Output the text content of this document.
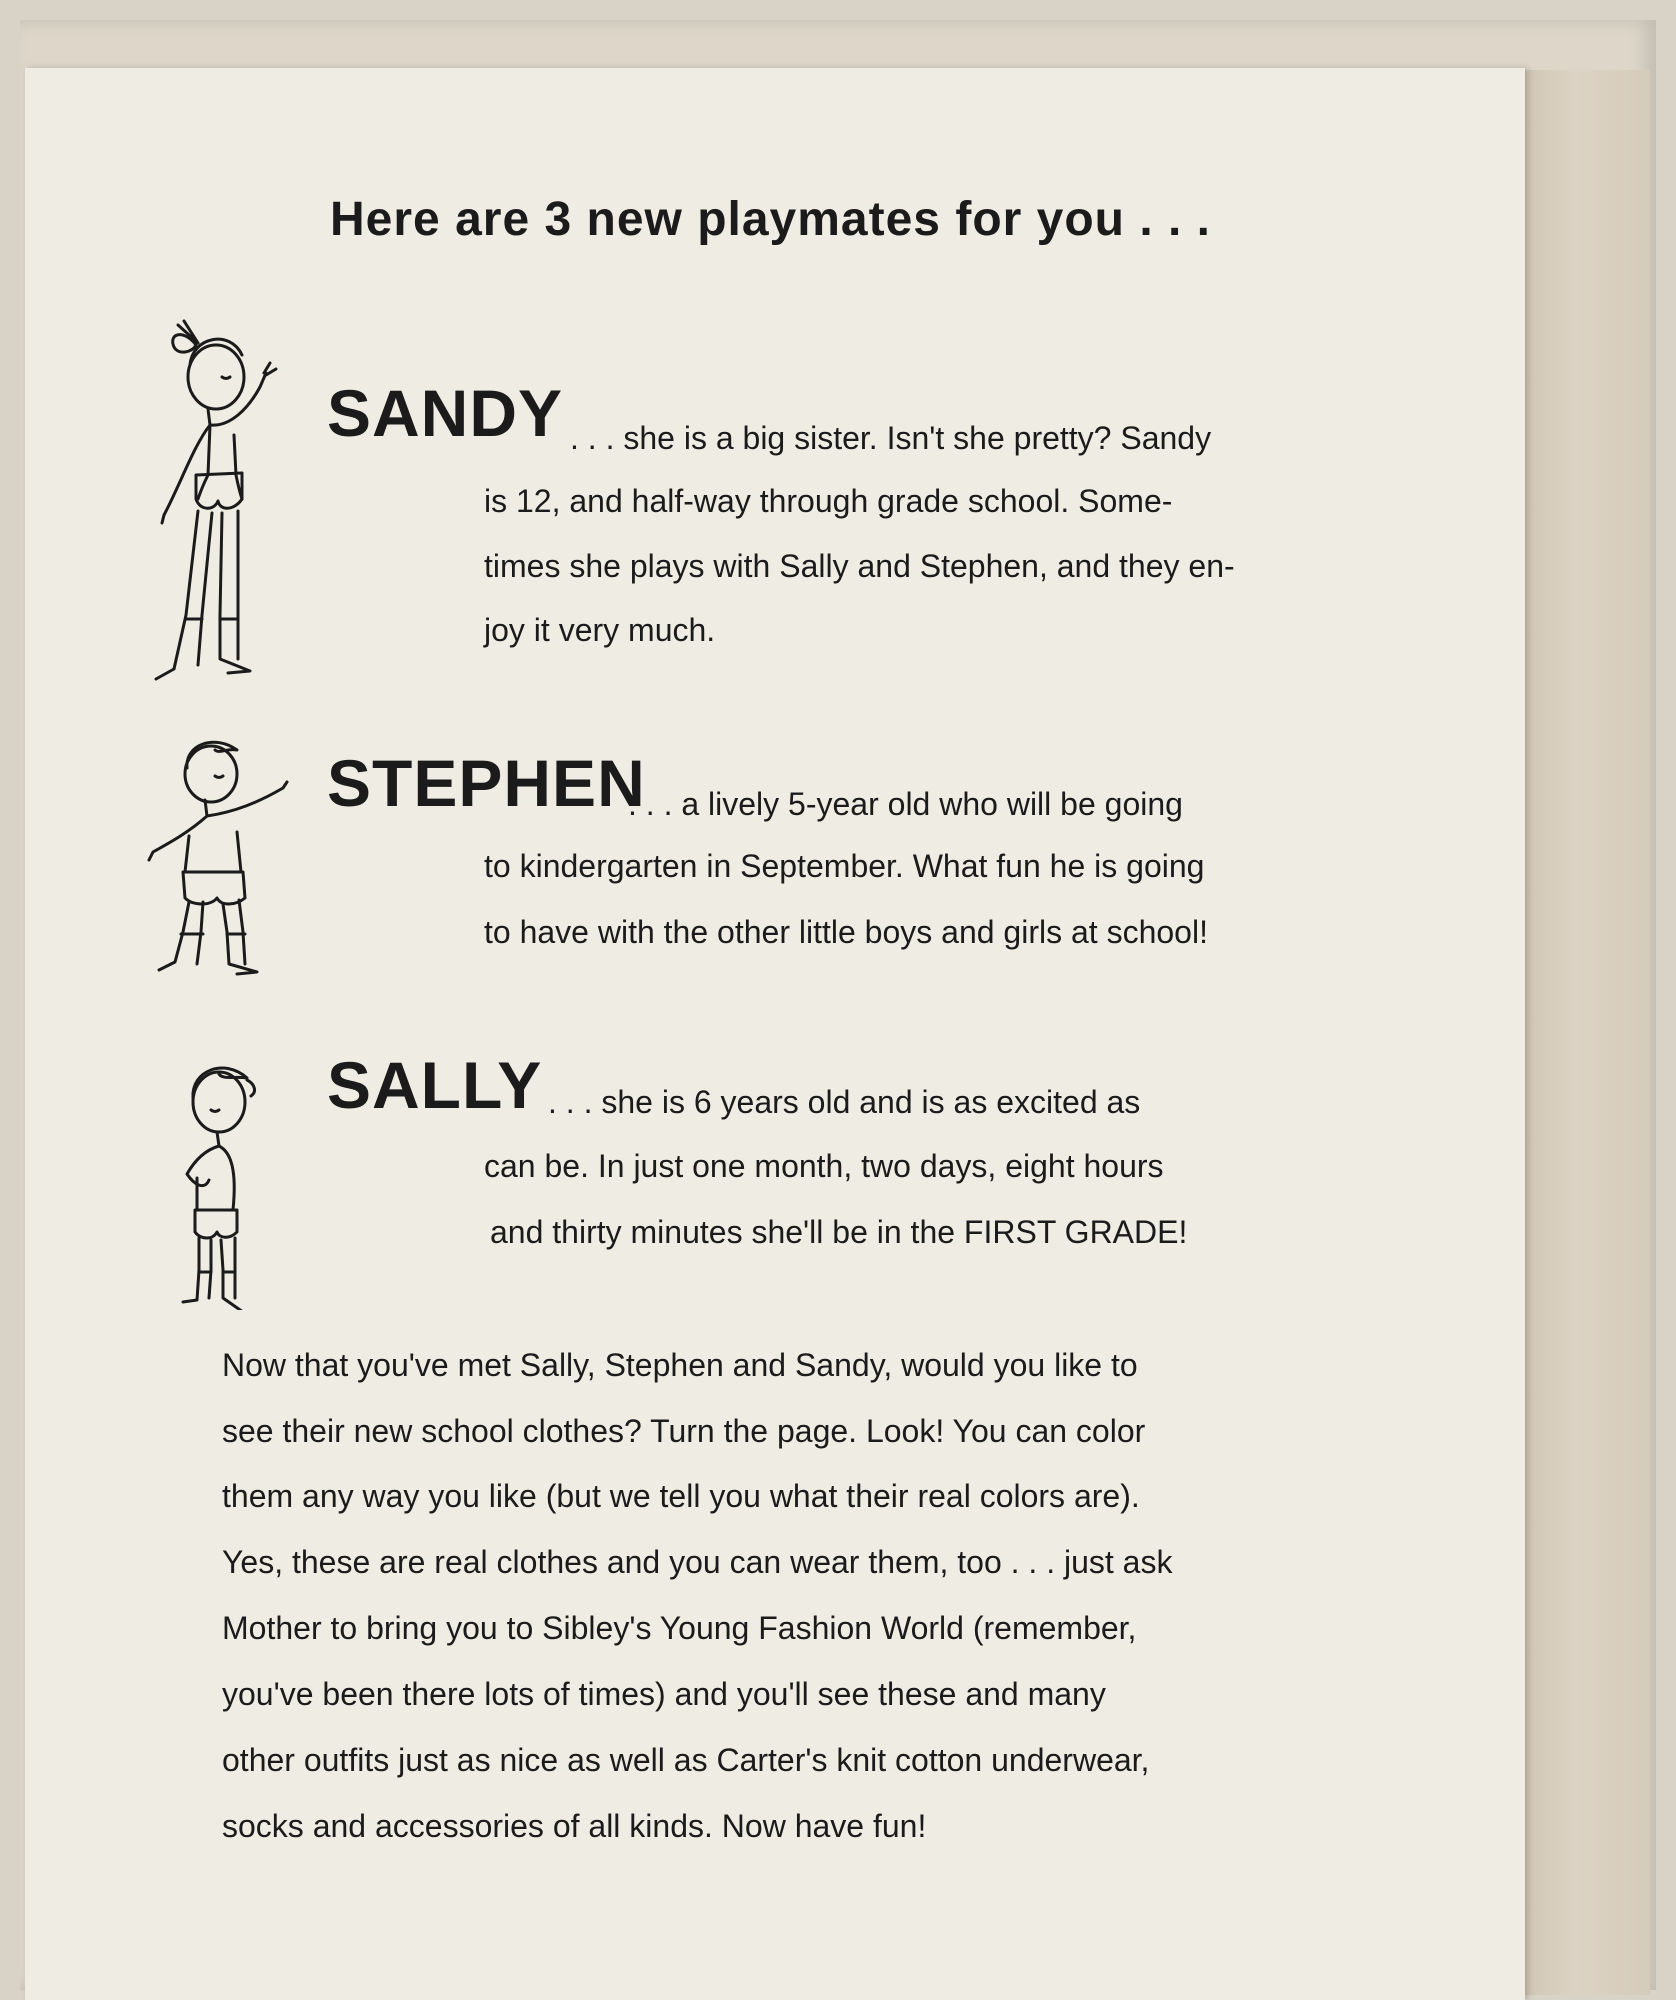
Here are 3 new playmates for you . . .
SANDY . . . she is a big sister. Isn't she pretty? Sandy

is 12, and half-way through grade school. Some-

times she plays with Sally and Stephen, and they en-

joy it very much.

STEPHEN

. . . a lively 5-year old who will be going

to kindergarten in September. What fun he is going

to have with the other little boys and girls at school!

SALLY . . . she is 6 years old and is as excited as

can be. In just one month, two days, eight hours

and thirty minutes she'll be in the FIRST GRADE!

Now that you've met Sally, Stephen and Sandy, would you like to

see their new school clothes? Turn the page. Look! You can color

them any way you like (but we tell you what their real colors are).

Yes, these are real clothes and you can wear them, too . . . just ask

Mother to bring you to Sibley's Young Fashion World (remember,

you've been there lots of times) and you'll see these and many

other outfits just as nice as well as Carter's knit cotton underwear,

socks and accessories of all kinds. Now have fun!
